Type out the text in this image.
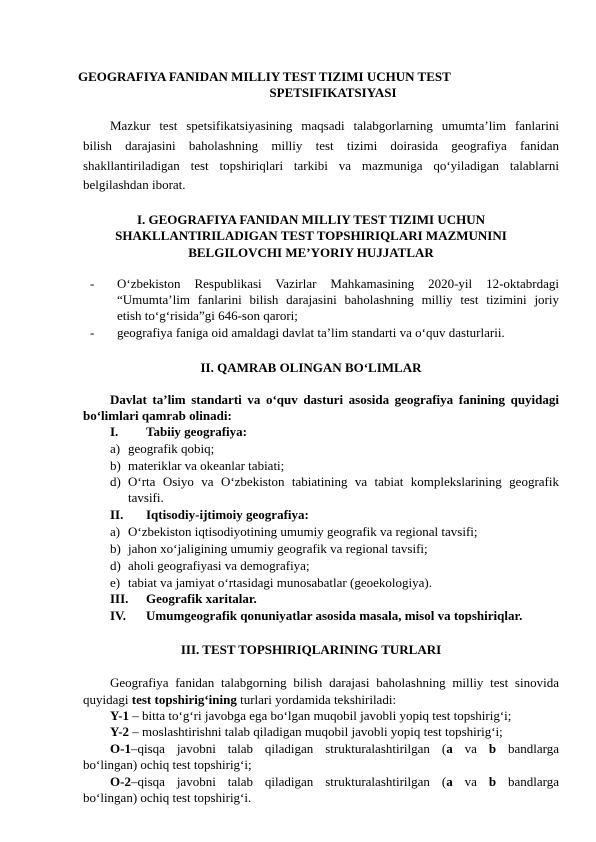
GEOGRAFIYA FANIDAN MILLIY TEST TIZIMI UCHUN TEST
SPETSIFIKATSIYASI
Mazkur test spetsifikatsiyasining maqsadi talabgorlarning umumta’lim fanlarini
bilish darajasini baholashning milliy test tizimi doirasida geografiya fanidan
shakllantiriladigan test topshiriqlari tarkibi va mazmuniga qo‘yiladigan talablarni
belgilashdan iborat.
I. GEOGRAFIYA FANIDAN MILLIY TEST TIZIMI UCHUN
SHAKLLANTIRILADIGAN TEST TOPSHIRIQLARI MAZMUNINI
BELGILOVCHI ME’YORIY HUJJATLAR
- O‘zbekiston Respublikasi Vazirlar Mahkamasining 2020-yil 12-oktabrdagi
“Umumta’lim fanlarini bilish darajasini baholashning milliy test tizimini joriy
etish to‘g‘risida”gi 646-son qarori;
- geografiya faniga oid amaldagi davlat ta’lim standarti va o‘quv dasturlarii.
II. QAMRAB OLINGAN BO‘LIMLAR
Davlat ta’lim standarti va o‘quv dasturi asosida geografiya fanining quyidagi
bo‘limlari qamrab olinadi:
I. Tabiiy geografiya:
a) geografik qobiq;
b) materiklar va okeanlar tabiati;
d) O‘rta Osiyo va O‘zbekiston tabiatining va tabiat komplekslarining geografik
tavsifi.
II. Iqtisodiy-ijtimoiy geografiya:
a) O‘zbekiston iqtisodiyotining umumiy geografik va regional tavsifi;
b) jahon xo‘jaligining umumiy geografik va regional tavsifi;
d) aholi geografiyasi va demografiya;
e) tabiat va jamiyat o‘rtasidagi munosabatlar (geoekologiya).
III. Geografik xaritalar.
IV. Umumgeografik qonuniyatlar asosida masala, misol va topshiriqlar.
III. TEST TOPSHIRIQLARINING TURLARI
Geografiya fanidan talabgorning bilish darajasi baholashning milliy test sinovida
quyidagi test topshirig‘ining turlari yordamida tekshiriladi:
Y-1 – bitta to‘g‘ri javobga ega bo‘lgan muqobil javobli yopiq test topshirig‘i;
Y-2 – moslashtirishni talab qiladigan muqobil javobli yopiq test topshirig‘i;
O-1–qisqa javobni talab qiladigan strukturalashtirilgan (a va b bandlarga
bo‘lingan) ochiq test topshirig‘i;
O-2–qisqa javobni talab qiladigan strukturalashtirilgan (a va b bandlarga
bo‘lingan) ochiq test topshirig‘i.
